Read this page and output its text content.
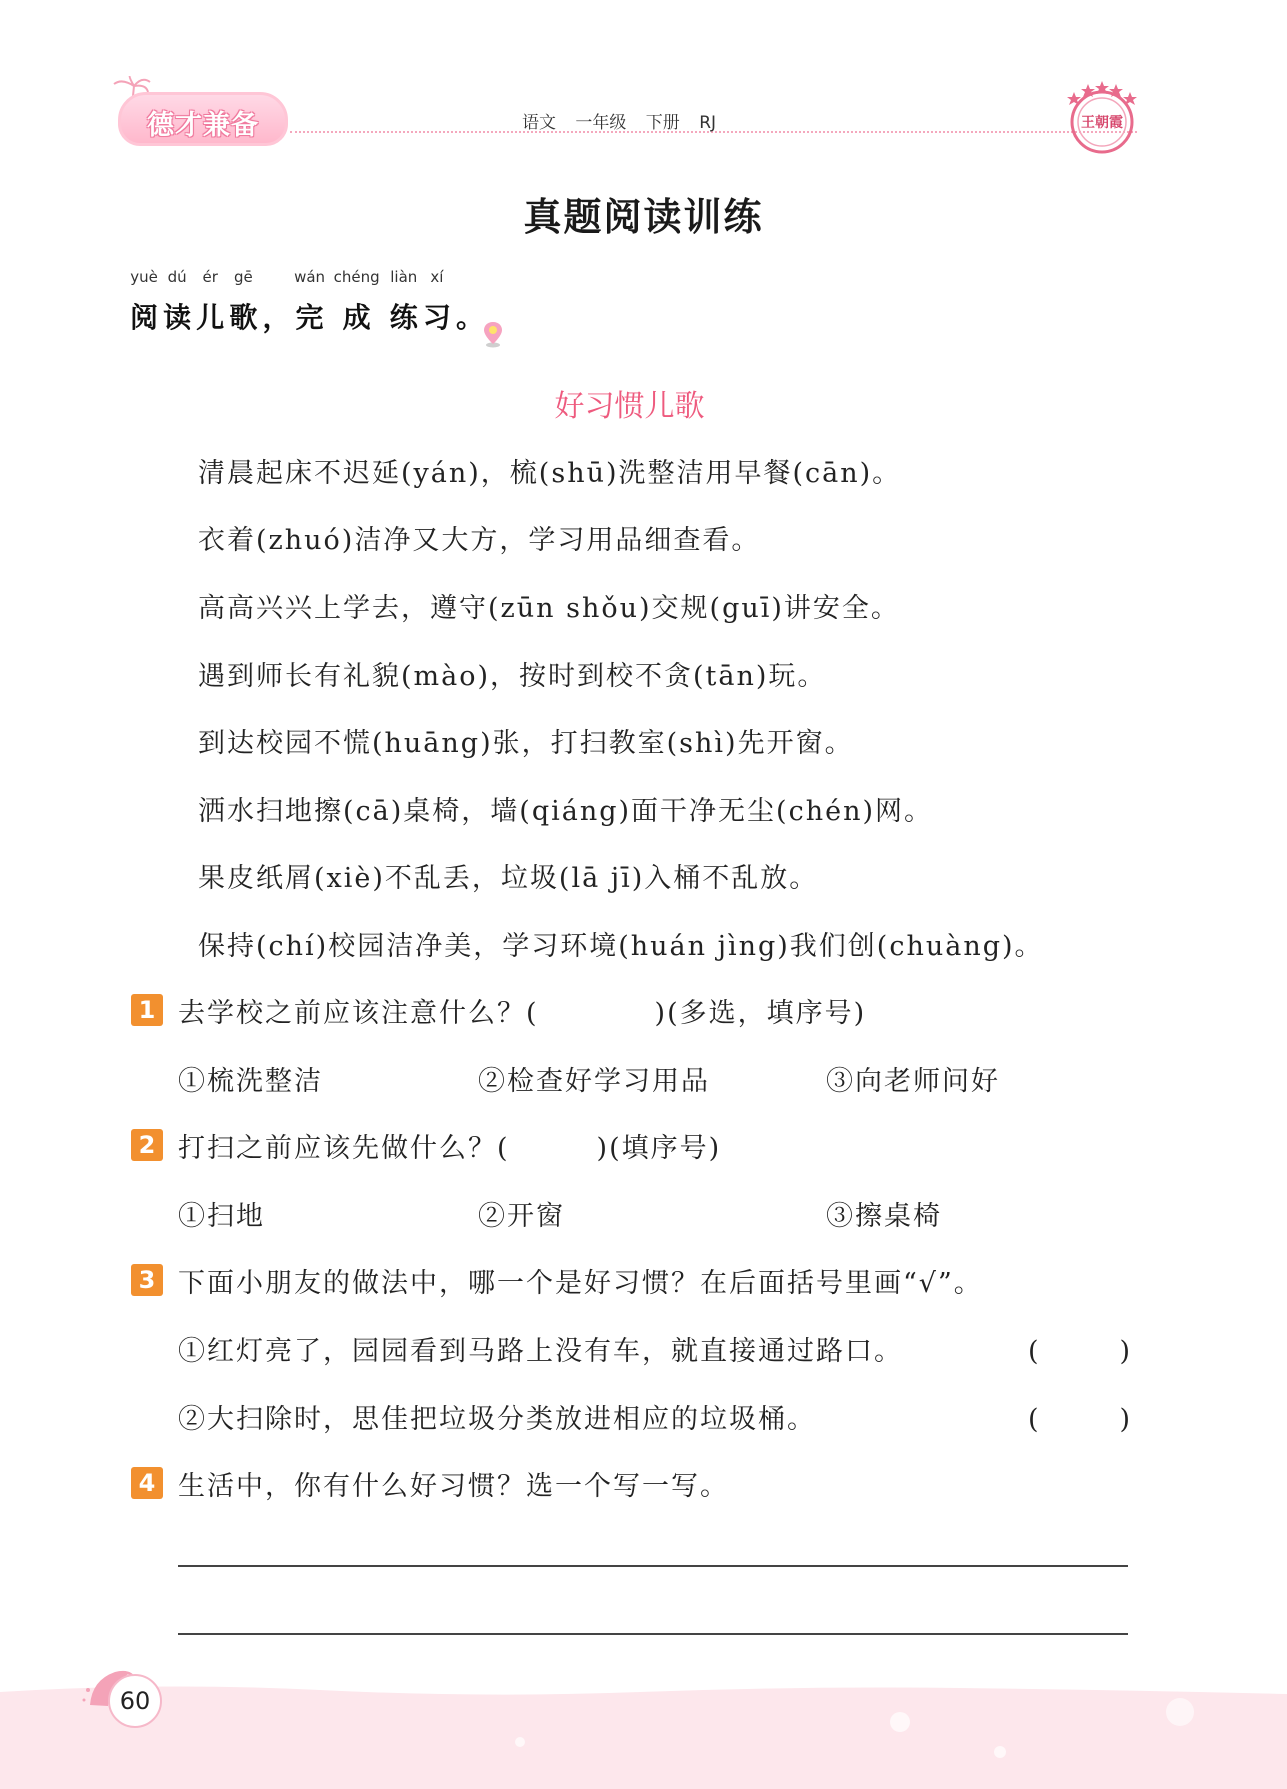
德才兼备	语文 一年级 下册 RJ	王朝霞
真题阅读训练
yuè
阅
dú
读
ér
儿
gē
歌 ，
wán
完
chéng
成
liàn
练
xí
习 。
好习惯儿歌
清晨起床不迟延(yán)，梳(shū)洗整洁用早餐(cān)。
衣着(zhuó)洁净又大方，学习用品细查看。
高高兴兴上学去，遵守(zūn shǒu)交规(guī)讲安全。
遇到师长有礼貌(mào)，按时到校不贪(tān)玩。
到达校园不慌(huāng)张，打扫教室(shì)先开窗。
洒水扫地擦(cā)桌椅，墙(qiáng)面干净无尘(chén)网。
果皮纸屑(xiè)不乱丢，垃圾(lā jī)入桶不乱放。
保持(chí)校园洁净美，学习环境(huán jìng)我们创(chuàng)。
1 去学校之前应该注意什么？(　　　　)(多选，填序号)
①梳洗整洁	②检查好学习用品	③向老师问好
2 打扫之前应该先做什么？(　　　)(填序号)
①扫地	②开窗	③擦桌椅
3 下面小朋友的做法中，哪一个是好习惯？在后面括号里画“√”。
①红灯亮了，园园看到马路上没有车，就直接通过路口。	(　　　)
②大扫除时，思佳把垃圾分类放进相应的垃圾桶。	(　　　)
4 生活中，你有什么好习惯？选一个写一写。
60
